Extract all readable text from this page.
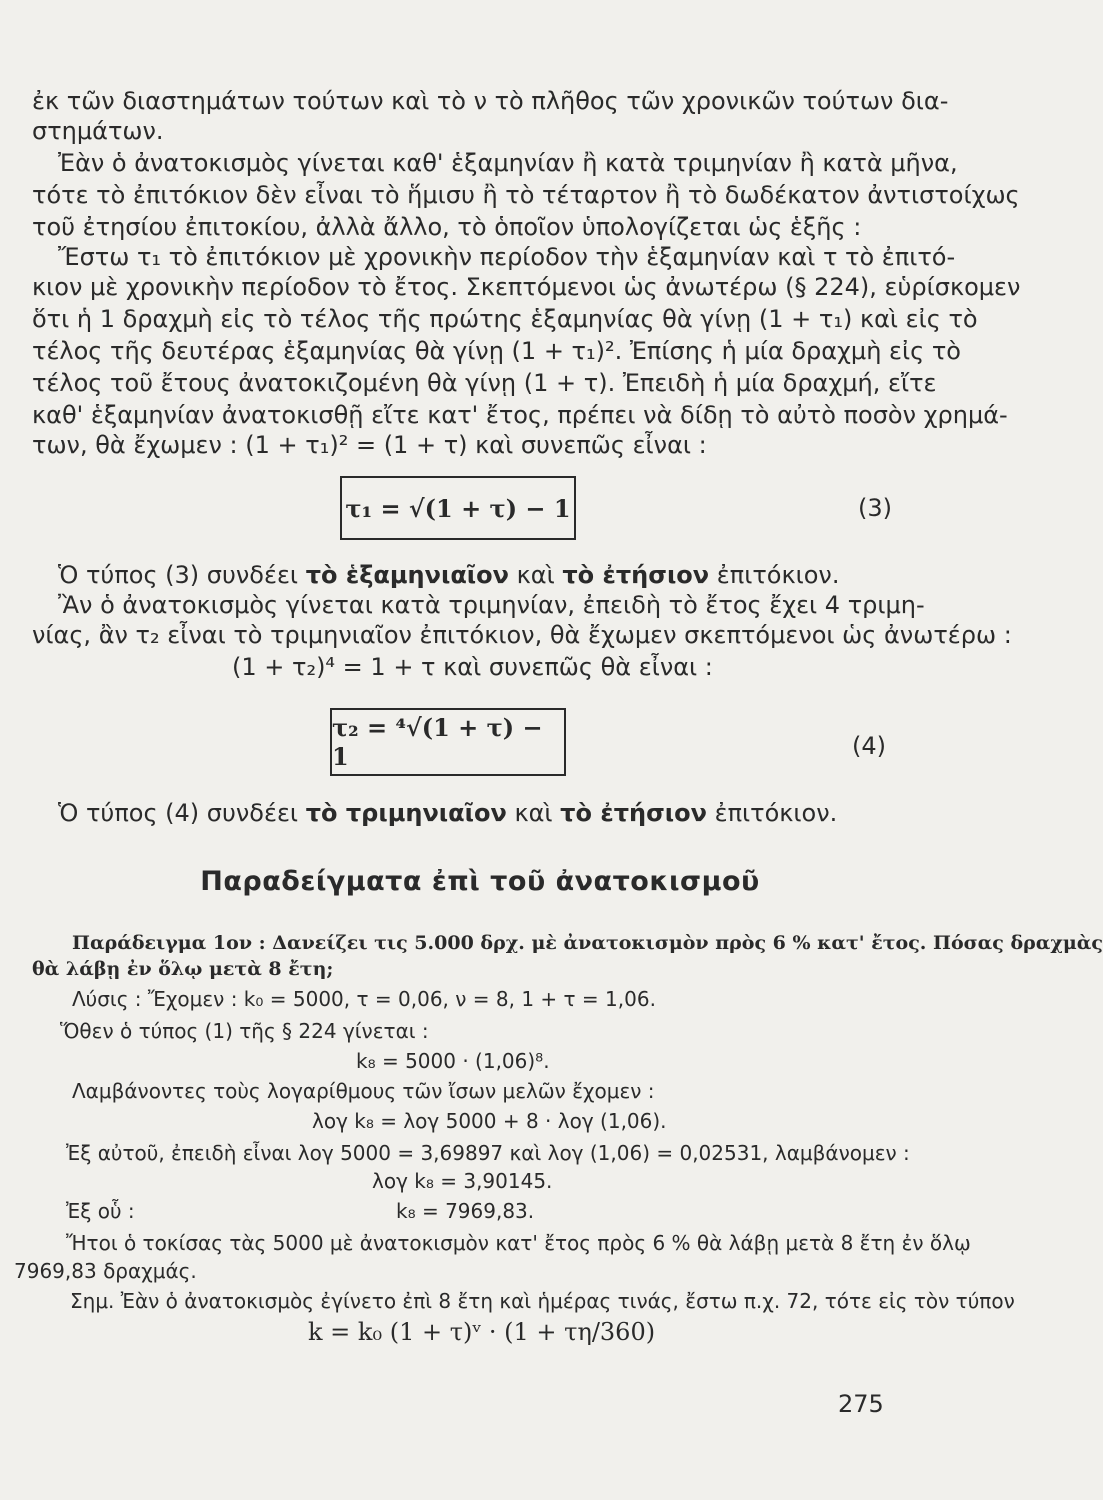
ἐκ τῶν διαστημάτων τούτων καὶ τὸ ν τὸ πλῆθος τῶν χρονικῶν τούτων δια-
στημάτων.
Ἐὰν ὁ ἀνατοκισμὸς γίνεται καθ' ἑξαμηνίαν ἢ κατὰ τριμηνίαν ἢ κατὰ μῆνα,
τότε τὸ ἐπιτόκιον δὲν εἶναι τὸ ἥμισυ ἢ τὸ τέταρτον ἢ τὸ δωδέκατον ἀντιστοίχως
τοῦ ἐτησίου ἐπιτοκίου, ἀλλὰ ἄλλο, τὸ ὁποῖον ὑπολογίζεται ὡς ἑξῆς :
Ἔστω τ₁ τὸ ἐπιτόκιον μὲ χρονικὴν περίοδον τὴν ἑξαμηνίαν καὶ τ τὸ ἐπιτό-
κιον μὲ χρονικὴν περίοδον τὸ ἔτος. Σκεπτόμενοι ὡς ἀνωτέρω (§ 224), εὑρίσκομεν
ὅτι ἡ 1 δραχμὴ εἰς τὸ τέλος τῆς πρώτης ἑξαμηνίας θὰ γίνῃ (1 + τ₁) καὶ εἰς τὸ
τέλος τῆς δευτέρας ἑξαμηνίας θὰ γίνῃ (1 + τ₁)². Ἐπίσης ἡ μία δραχμὴ εἰς τὸ
τέλος τοῦ ἔτους ἀνατοκιζομένη θὰ γίνῃ (1 + τ). Ἐπειδὴ ἡ μία δραχμή, εἴτε
καθ' ἑξαμηνίαν ἀνατοκισθῇ εἴτε κατ' ἔτος, πρέπει νὰ δίδῃ τὸ αὐτὸ ποσὸν χρημά-
των, θὰ ἔχωμεν : (1 + τ₁)² = (1 + τ) καὶ συνεπῶς εἶναι :
τ₁ = √(1 + τ) − 1	(3)
Ὁ τύπος (3) συνδέει τὸ ἑξαμηνιαῖον καὶ τὸ ἐτήσιον ἐπιτόκιον.
Ἂν ὁ ἀνατοκισμὸς γίνεται κατὰ τριμηνίαν, ἐπειδὴ τὸ ἔτος ἔχει 4 τριμη-
νίας, ἂν τ₂ εἶναι τὸ τριμηνιαῖον ἐπιτόκιον, θὰ ἔχωμεν σκεπτόμενοι ὡς ἀνωτέρω :
(1 + τ₂)⁴ = 1 + τ καὶ συνεπῶς θὰ εἶναι :
τ₂ = ⁴√(1 + τ) − 1	(4)
Ὁ τύπος (4) συνδέει τὸ τριμηνιαῖον καὶ τὸ ἐτήσιον ἐπιτόκιον.
Παραδείγματα ἐπὶ τοῦ ἀνατοκισμοῦ
Παράδειγμα 1ον : Δανείζει τις 5.000 δρχ. μὲ ἀνατοκισμὸν πρὸς 6 % κατ' ἔτος. Πόσας δραχμὰς
θὰ λάβῃ ἐν ὅλῳ μετὰ 8 ἔτη;
Λύσις : Ἔχομεν : k₀ = 5000, τ = 0,06, ν = 8, 1 + τ = 1,06.
Ὅθεν ὁ τύπος (1) τῆς § 224 γίνεται :
k₈ = 5000 · (1,06)⁸.
Λαμβάνοντες τοὺς λογαρίθμους τῶν ἴσων μελῶν ἔχομεν :
λογ k₈ = λογ 5000 + 8 · λογ (1,06).
Ἐξ αὐτοῦ, ἐπειδὴ εἶναι λογ 5000 = 3,69897 καὶ λογ (1,06) = 0,02531, λαμβάνομεν :
λογ k₈ = 3,90145.
Ἐξ οὗ :	k₈ = 7969,83.
Ἤτοι ὁ τοκίσας τὰς 5000 μὲ ἀνατοκισμὸν κατ' ἔτος πρὸς 6 % θὰ λάβῃ μετὰ 8 ἔτη ἐν ὅλῳ
7969,83 δραχμάς.
Σημ. Ἐὰν ὁ ἀνατοκισμὸς ἐγίνετο ἐπὶ 8 ἔτη καὶ ἡμέρας τινάς, ἔστω π.χ. 72, τότε εἰς τὸν τύπον
k = k₀ (1 + τ)ᵛ · (1 + τη/360)
275
